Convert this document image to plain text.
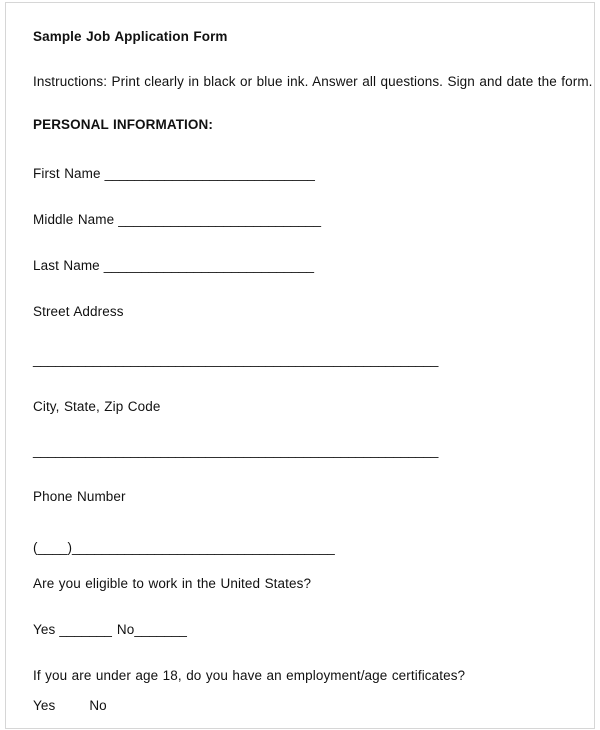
Sample Job Application Form

Instructions: Print clearly in black or blue ink. Answer all questions. Sign and date the form.

PERSONAL INFORMATION:

First Name ____________________________

Middle Name ___________________________

Last Name ____________________________

Street Address

______________________________________________________

City, State, Zip Code

______________________________________________________

Phone Number

(____)___________________________________

Are you eligible to work in the United States?

Yes _______ No_______

If you are under age 18, do you have an employment/age certificates?

Yes	No
